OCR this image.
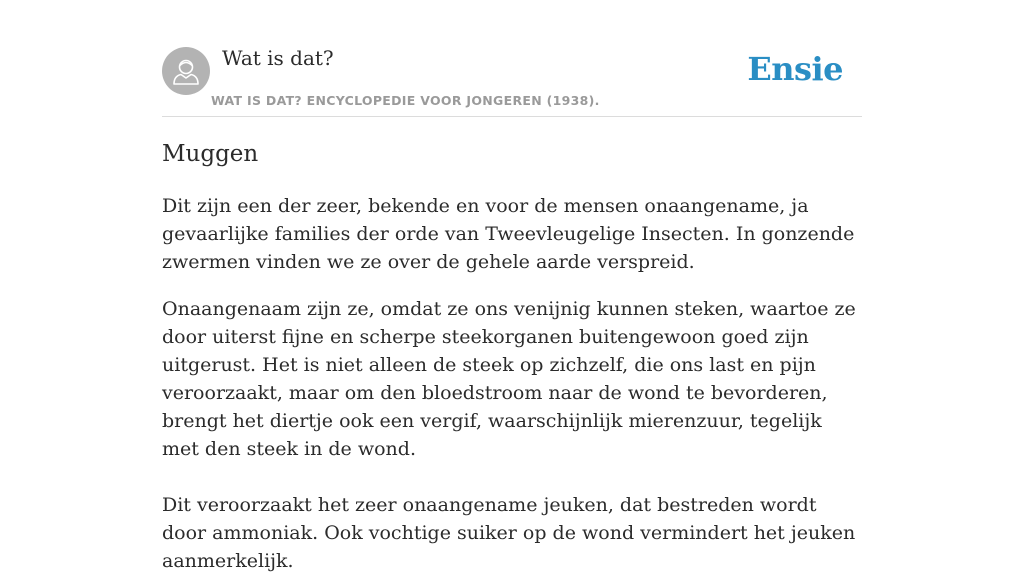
Wat is dat?
WAT IS DAT? ENCYCLOPEDIE VOOR JONGEREN (1938).
Ensie
Muggen

Dit zijn een der zeer, bekende en voor de mensen onaangename, ja gevaarlijke families der orde van Tweevleugelige Insecten. In gonzende zwermen vinden we ze over de gehele aarde verspreid.

Onaangenaam zijn ze, omdat ze ons venijnig kunnen steken, waartoe ze door uiterst fijne en scherpe steekorganen buitengewoon goed zijn uitgerust. Het is niet alleen de steek op zichzelf, die ons last en pijn veroorzaakt, maar om den bloedstroom naar de wond te bevorderen, brengt het diertje ook een vergif, waarschijnlijk mierenzuur, tegelijk met den steek in de wond.

Dit veroorzaakt het zeer onaangename jeuken, dat bestreden wordt door ammoniak. Ook vochtige suiker op de wond vermindert het jeuken aanmerkelijk.
